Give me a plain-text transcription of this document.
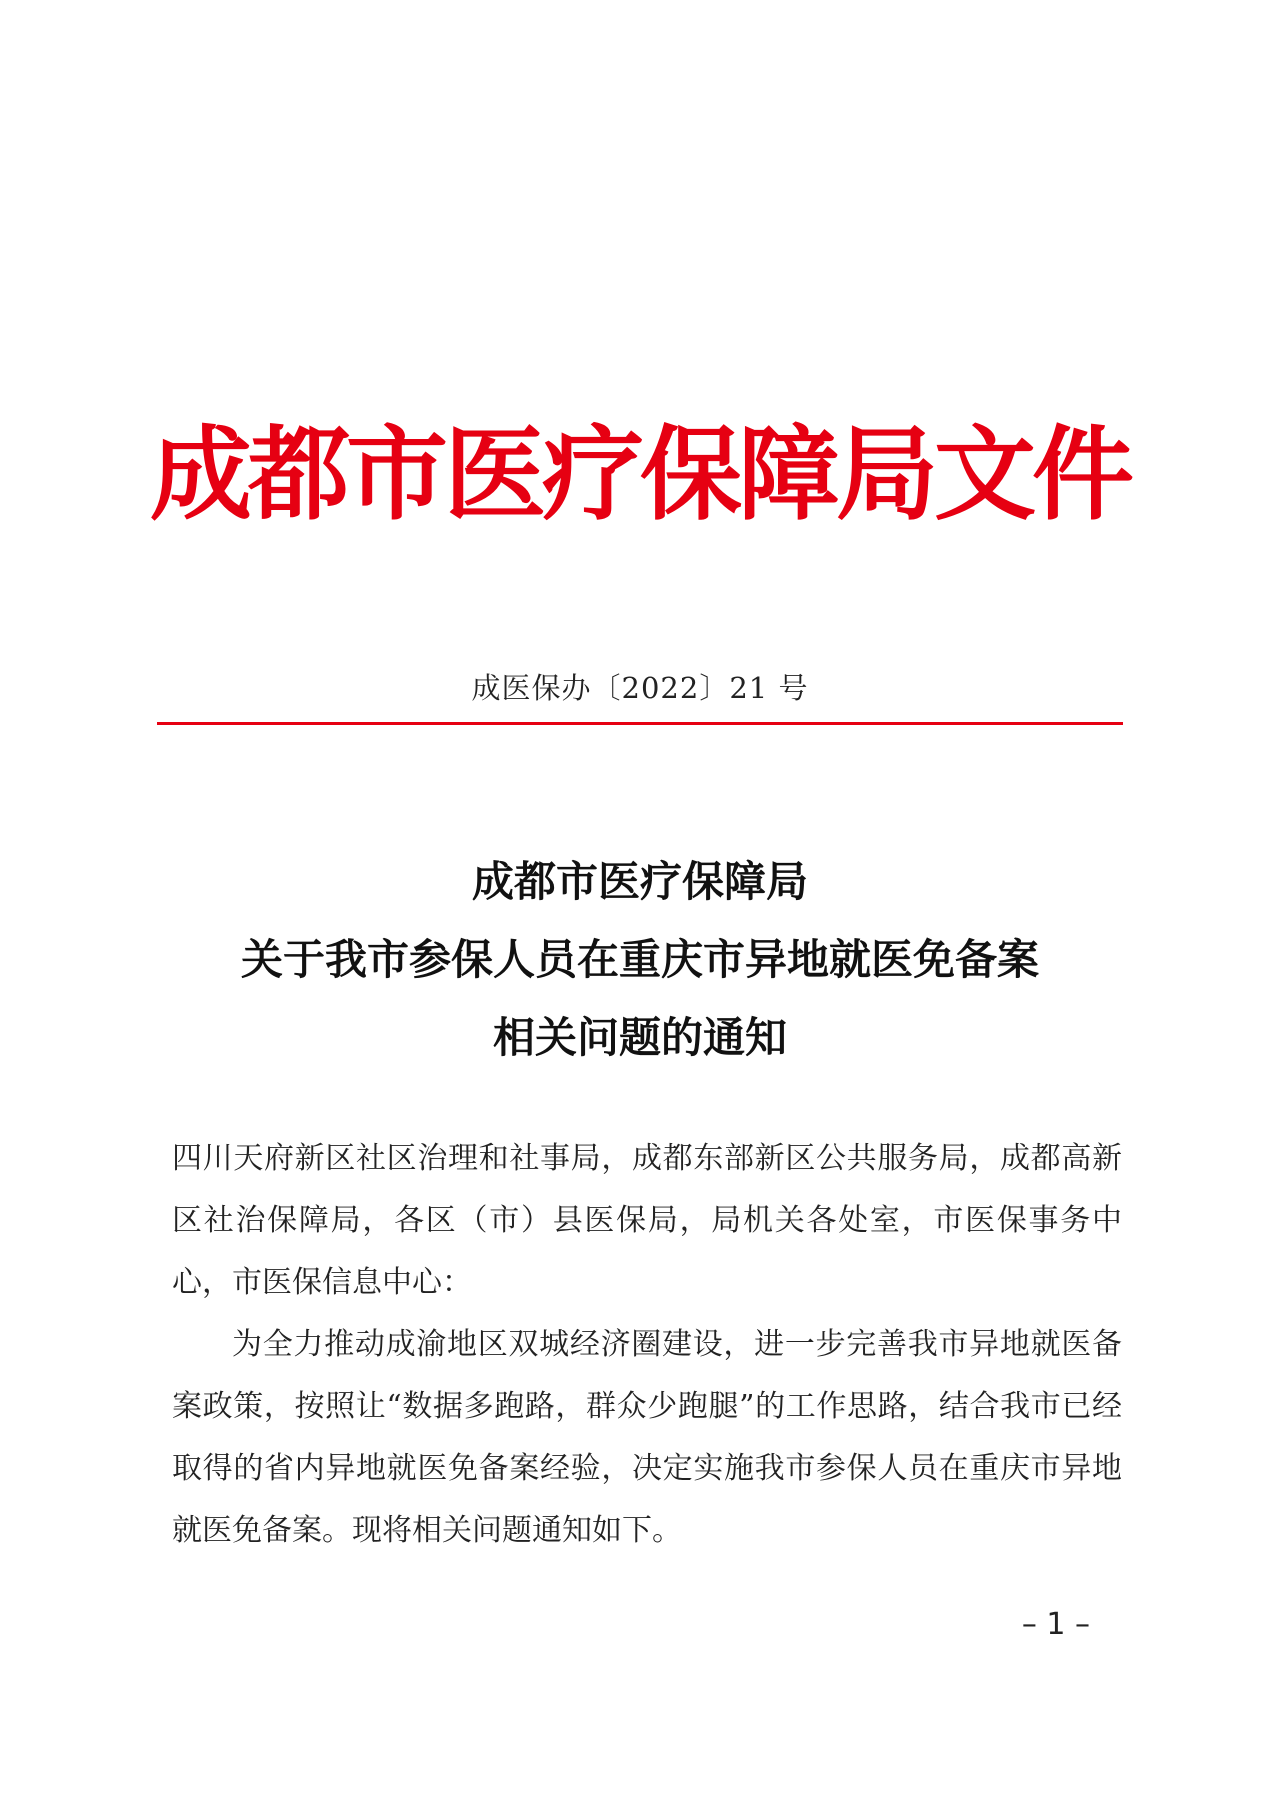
成都市医疗保障局文件
成医保办〔2022〕21 号
成都市医疗保障局
关于我市参保人员在重庆市异地就医免备案
相关问题的通知

四川天府新区社区治理和社事局，成都东部新区公共服务局，成都高新区社治保障局，各区（市）县医保局，局机关各处室，市医保事务中心，市医保信息中心：

为全力推动成渝地区双城经济圈建设，进一步完善我市异地就医备案政策，按照让“数据多跑路，群众少跑腿”的工作思路，结合我市已经取得的省内异地就医免备案经验，决定实施我市参保人员在重庆市异地就医免备案。现将相关问题通知如下。

– 1 –
